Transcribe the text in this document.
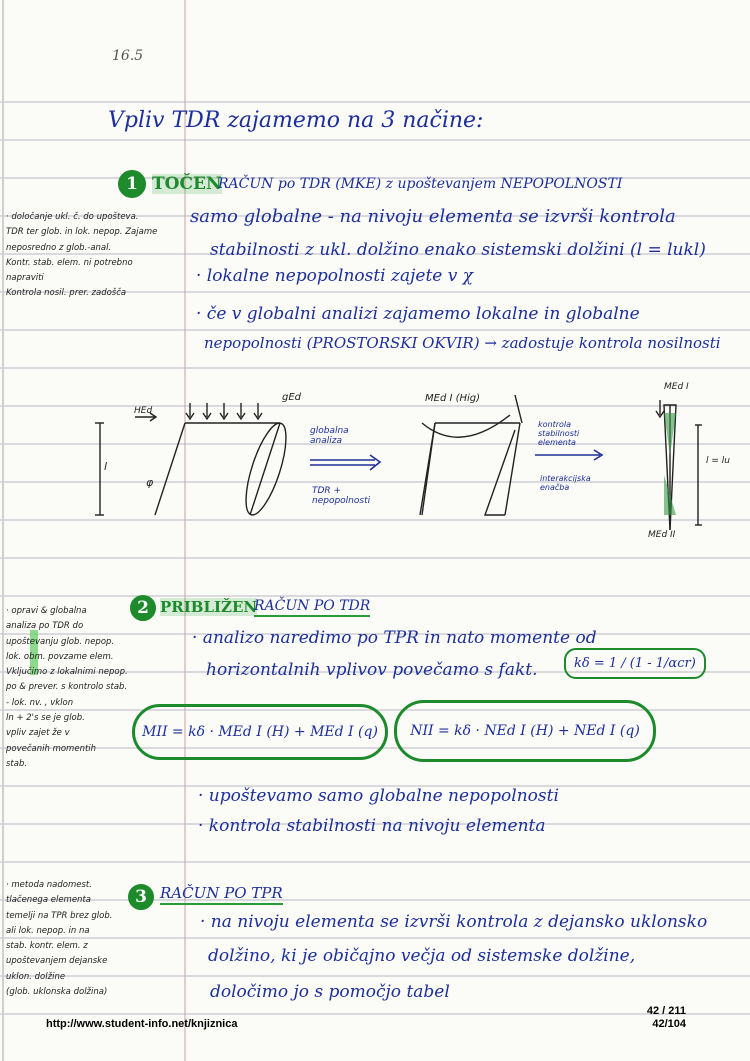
16.5
Vpliv TDR zajamemo na 3 načine:
1 TOČEN
RAČUN po TDR (MKE) z upoštevanjem NEPOPOLNOSTI
samo globalne - na nivoju elementa se izvrši kontrola
stabilnosti z ukl. dolžino enako sistemski dolžini (l = lukl)
· lokalne nepopolnosti zajete v χ
· če v globalni analizi zajamemo lokalne in globalne
nepopolnosti (PROSTORSKI OKVIR) → zadostuje kontrola nosilnosti
· določanje ukl. č. do upošteva.
TDR ter glob. in lok. nepop. Zajame
neposredno z glob.-anal.
Kontr. stab. elem. ni potrebno
napraviti
Kontrola nosil. prer. zadošča
gEd
HEd
l
φ
globalna
analiza
TDR +
nepopolnosti
MEd I (Hig)
kontrola
stabilnosti
elementa
interakcijska
enačba
MEd I
MEd II
l = lu
2 PRIBLIŽEN
RAČUN PO TDR
· analizo naredimo po TPR in nato momente od
horizontalnih vplivov povečamo s fakt.	kδ = 1 / (1 - 1/αcr)
MII = kδ · MEd I (H) + MEd I (q)	NII = kδ · NEd I (H) + NEd I (q)
· upoštevamo samo globalne nepopolnosti
· kontrola stabilnosti na nivoju elementa
· opravi & globalna
analiza po TDR do
upoštevanju glob. nepop.
lok. obm. povzame elem.
Vključimo z lokalnimi nepop.
po & prever. s kontrolo stab.
- lok. nv. , vklon
ln + 2's se je glob.
vpliv zajet že v
povečanih momentih
stab.
3 RAČUN PO TPR
· na nivoju elementa se izvrši kontrola z dejansko uklonsko
dolžino, ki je običajno večja od sistemske dolžine,
določimo jo s pomočjo tabel
· metoda nadomest.
tlačenega elementa
temelji na TPR brez glob.
ali lok. nepop. in na
stab. kontr. elem. z
upoštevanjem dejanske
uklon. dolžine
(glob. uklonska dolžina)
http://www.student-info.net/knjiznica
42 / 211
42/104
